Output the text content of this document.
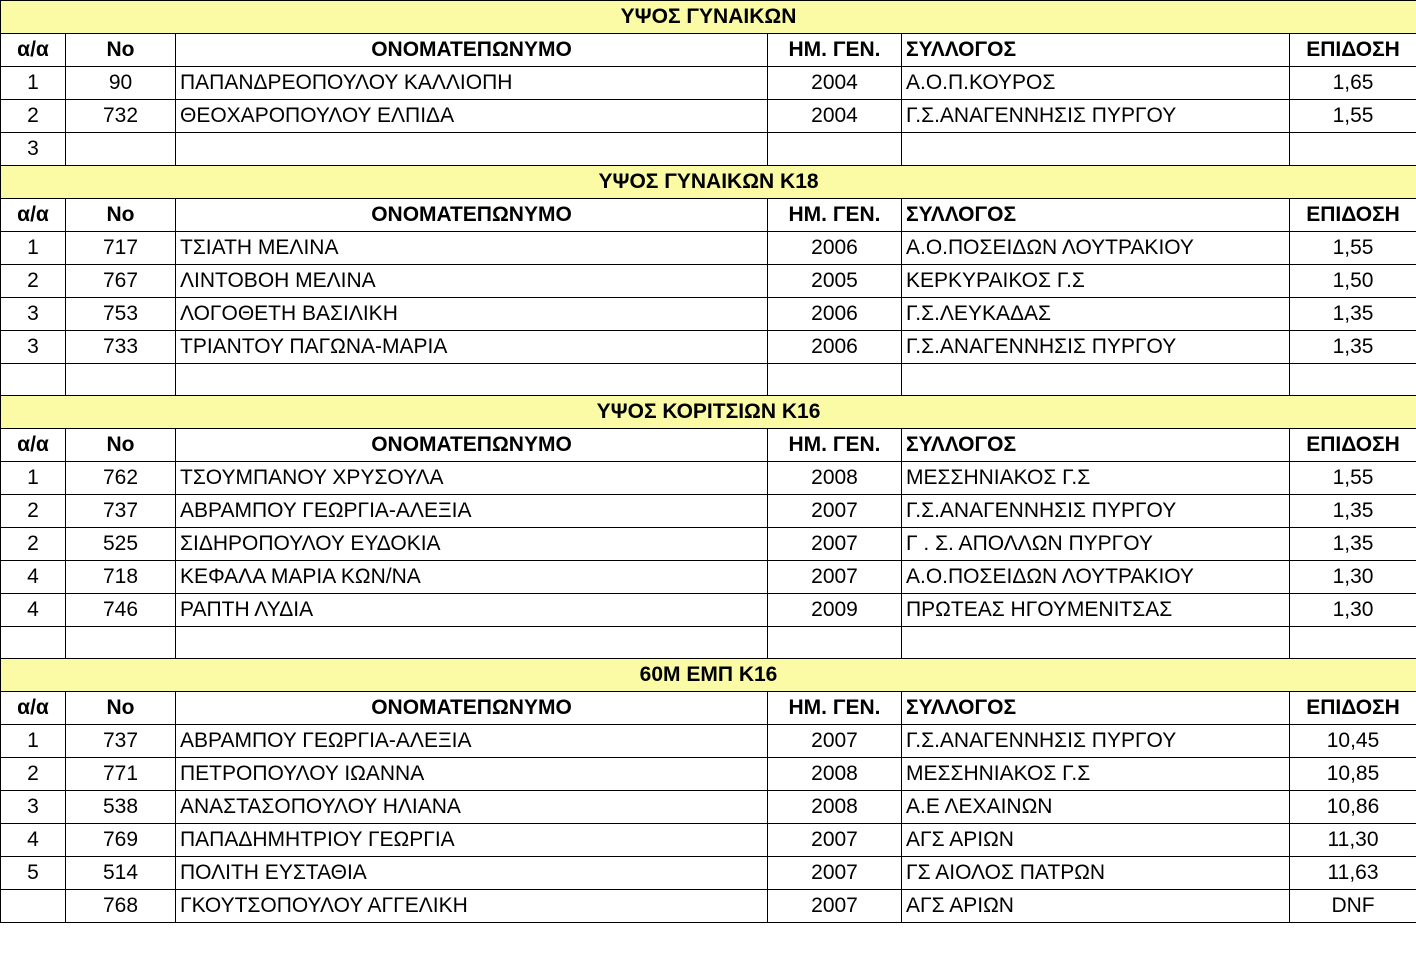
ΥΨΟΣ ΓΥΝΑΙΚΩΝ					
α/α	No	ΟΝΟΜΑΤΕΠΩΝΥΜΟ	ΗΜ. ΓΕΝ.	ΣΥΛΛΟΓΟΣ	ΕΠΙΔΟΣΗ
1	90	ΠΑΠΑΝΔΡΕΟΠΟΥΛΟΥ ΚΑΛΛΙΟΠΗ	2004	Α.Ο.Π.ΚΟΥΡΟΣ	1,65
2	732	ΘΕΟΧΑΡΟΠΟΥΛΟΥ ΕΛΠΙΔΑ	2004	Γ.Σ.ΑΝΑΓΕΝΝΗΣΙΣ ΠΥΡΓΟΥ	1,55
3					
ΥΨΟΣ ΓΥΝΑΙΚΩΝ Κ18					
α/α	No	ΟΝΟΜΑΤΕΠΩΝΥΜΟ	ΗΜ. ΓΕΝ.	ΣΥΛΛΟΓΟΣ	ΕΠΙΔΟΣΗ
1	717	ΤΣΙΑΤΗ ΜΕΛΙΝΑ	2006	Α.Ο.ΠΟΣΕΙΔΩΝ ΛΟΥΤΡΑΚΙΟΥ	1,55
2	767	ΛΙΝΤΟΒΟΗ ΜΕΛΙΝΑ	2005	ΚΕΡΚΥΡΑΙΚΟΣ Γ.Σ	1,50
3	753	ΛΟΓΟΘΕΤΗ ΒΑΣΙΛΙΚΗ	2006	Γ.Σ.ΛΕΥΚΑΔΑΣ	1,35
3	733	ΤΡΙΑΝΤΟΥ ΠΑΓΩΝΑ-ΜΑΡΙΑ	2006	Γ.Σ.ΑΝΑΓΕΝΝΗΣΙΣ ΠΥΡΓΟΥ	1,35

ΥΨΟΣ ΚΟΡΙΤΣΙΩΝ Κ16					
α/α	No	ΟΝΟΜΑΤΕΠΩΝΥΜΟ	ΗΜ. ΓΕΝ.	ΣΥΛΛΟΓΟΣ	ΕΠΙΔΟΣΗ
1	762	ΤΣΟΥΜΠΑΝΟΥ ΧΡΥΣΟΥΛΑ	2008	ΜΕΣΣΗΝΙΑΚΟΣ Γ.Σ	1,55
2	737	ΑΒΡΑΜΠΟΥ ΓΕΩΡΓΙΑ-ΑΛΕΞΙΑ	2007	Γ.Σ.ΑΝΑΓΕΝΝΗΣΙΣ ΠΥΡΓΟΥ	1,35
2	525	ΣΙΔΗΡΟΠΟΥΛΟΥ ΕΥΔΟΚΙΑ	2007	Γ . Σ. ΑΠΟΛΛΩΝ ΠΥΡΓΟΥ	1,35
4	718	ΚΕΦΑΛΑ ΜΑΡΙΑ ΚΩΝ/ΝΑ	2007	Α.Ο.ΠΟΣΕΙΔΩΝ ΛΟΥΤΡΑΚΙΟΥ	1,30
4	746	ΡΑΠΤΗ ΛΥΔΙΑ	2009	ΠΡΩΤΕΑΣ ΗΓΟΥΜΕΝΙΤΣΑΣ	1,30

60Μ ΕΜΠ Κ16					
α/α	No	ΟΝΟΜΑΤΕΠΩΝΥΜΟ	ΗΜ. ΓΕΝ.	ΣΥΛΛΟΓΟΣ	ΕΠΙΔΟΣΗ
1	737	ΑΒΡΑΜΠΟΥ ΓΕΩΡΓΙΑ-ΑΛΕΞΙΑ	2007	Γ.Σ.ΑΝΑΓΕΝΝΗΣΙΣ ΠΥΡΓΟΥ	10,45
2	771	ΠΕΤΡΟΠΟΥΛΟΥ ΙΩΑΝΝΑ	2008	ΜΕΣΣΗΝΙΑΚΟΣ Γ.Σ	10,85
3	538	ΑΝΑΣΤΑΣΟΠΟΥΛΟΥ ΗΛΙΑΝΑ	2008	Α.Ε ΛΕΧΑΙΝΩΝ	10,86
4	769	ΠΑΠΑΔΗΜΗΤΡΙΟΥ ΓΕΩΡΓΙΑ	2007	ΑΓΣ ΑΡΙΩΝ	11,30
5	514	ΠΟΛΙΤΗ ΕΥΣΤΑΘΙΑ	2007	ΓΣ ΑΙΟΛΟΣ ΠΑΤΡΩΝ	11,63
	768	ΓΚΟΥΤΣΟΠΟΥΛΟΥ ΑΓΓΕΛΙΚΗ	2007	ΑΓΣ ΑΡΙΩΝ	DNF
